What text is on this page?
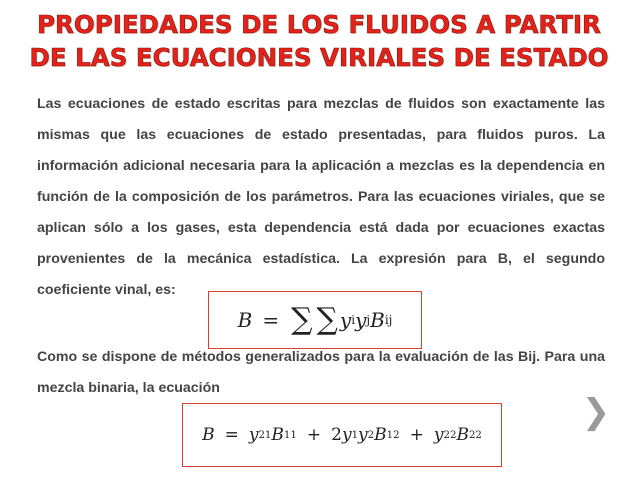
PROPIEDADES DE LOS FLUIDOS A PARTIR
DE LAS ECUACIONES VIRIALES DE ESTADO
Las ecuaciones de estado escritas para mezclas de fluidos son exactamente las mismas que las ecuaciones de estado presentadas, para fluidos puros. La información adicional necesaria para la aplicación a mezclas es la dependencia en función de la composición de los parámetros. Para las ecuaciones viriales, que se aplican sólo a los gases, esta dependencia está dada por ecuaciones exactas provenientes de la mecánica estadística. La expresión para B, el segundo coeficiente vinal, es:
B = ∑ ∑ y i y j B ij
Como se dispone de métodos generalizados para la evaluación de las Bij. Para una mezcla binaria, la ecuación
B = y 2 1 B 11 + 2 y 1 y 2 B 12 + y 2 2 B 22
❯
